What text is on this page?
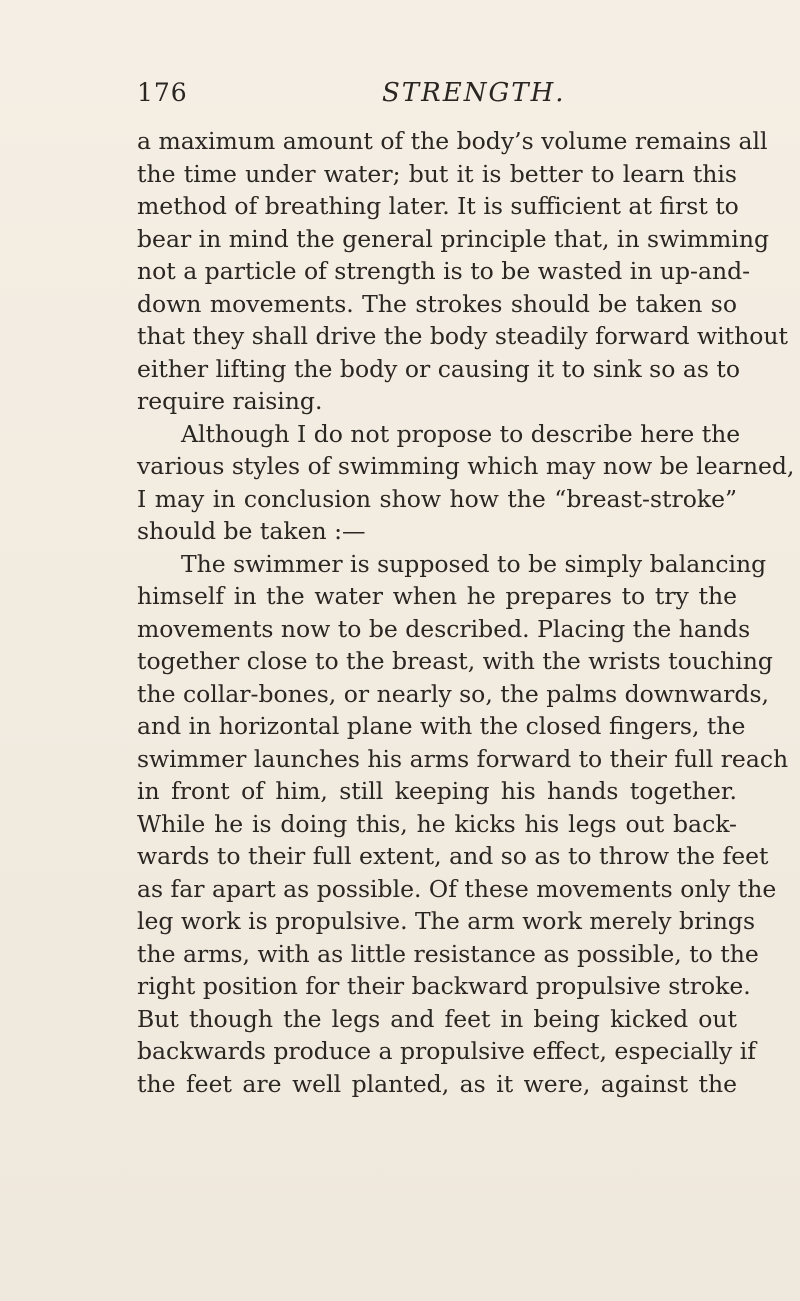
176	STRENGTH.
a maximum amount of the body’s volume remains all
the time under water; but it is better to learn this
method of breathing later. It is sufficient at first to
bear in mind the general principle that, in swimming
not a particle of strength is to be wasted in up-and-
down movements. The strokes should be taken so
that they shall drive the body steadily forward without
either lifting the body or causing it to sink so as to
require raising.
Although I do not propose to describe here the
various styles of swimming which may now be learned,
I may in conclusion show how the “breast-stroke”
should be taken :—
The swimmer is supposed to be simply balancing
himself in the water when he prepares to try the
movements now to be described. Placing the hands
together close to the breast, with the wrists touching
the collar-bones, or nearly so, the palms downwards,
and in horizontal plane with the closed fingers, the
swimmer launches his arms forward to their full reach
in front of him, still keeping his hands together.
While he is doing this, he kicks his legs out back-
wards to their full extent, and so as to throw the feet
as far apart as possible. Of these movements only the
leg work is propulsive. The arm work merely brings
the arms, with as little resistance as possible, to the
right position for their backward propulsive stroke.
But though the legs and feet in being kicked out
backwards produce a propulsive effect, especially if
the feet are well planted, as it were, against the
